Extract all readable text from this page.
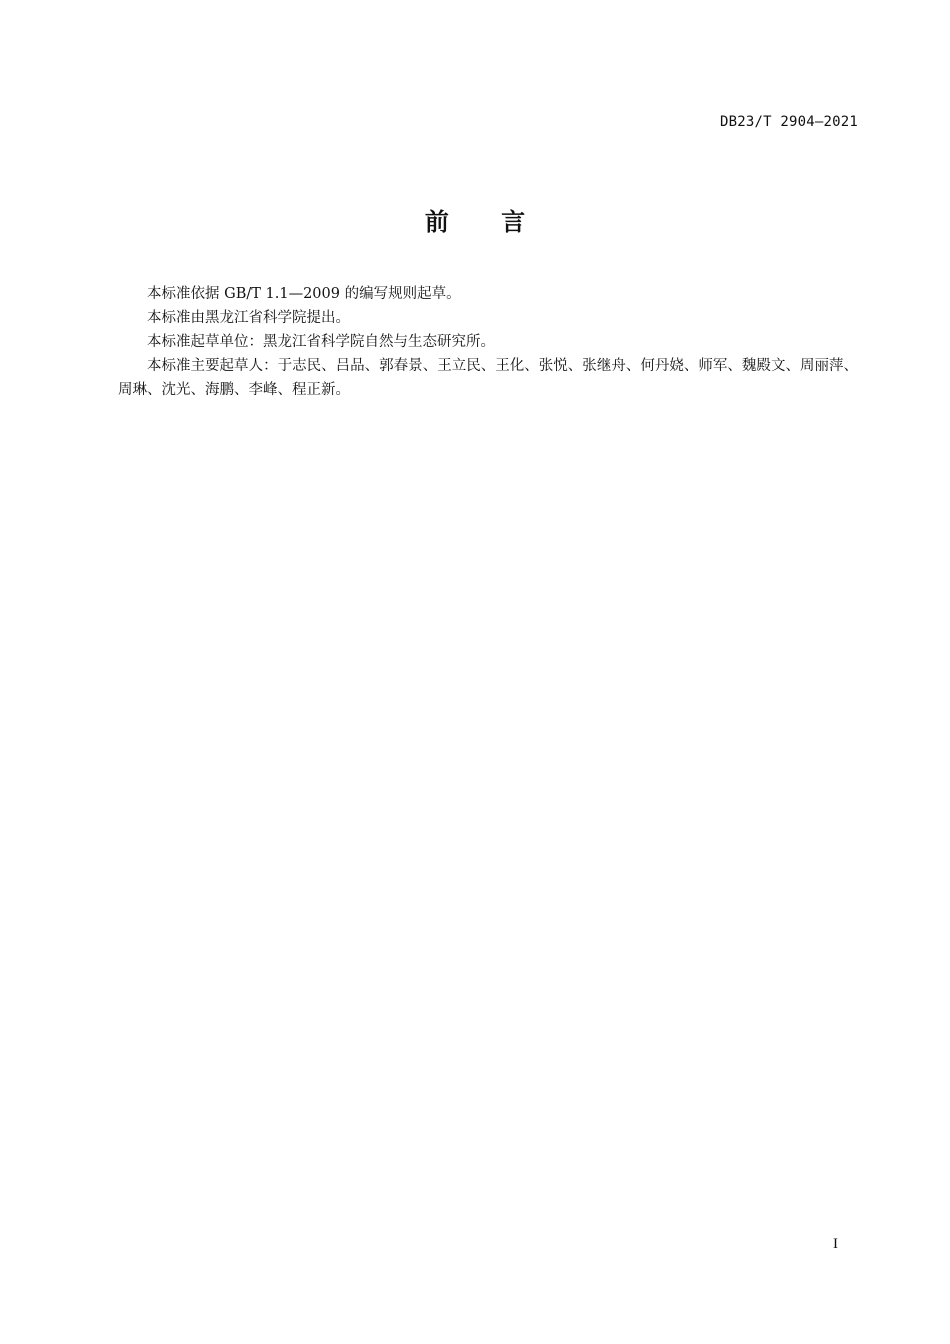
DB23/T 2904—2021
前 言

本标准依据 GB/T 1.1—2009 的编写规则起草。

本标准由黑龙江省科学院提出。

本标准起草单位：黑龙江省科学院自然与生态研究所。

本标准主要起草人：于志民、吕品、郭春景、王立民、王化、张悦、张继舟、何丹娆、师军、魏殿文、周丽萍、周琳、沈光、海鹏、李峰、程正新。

I
